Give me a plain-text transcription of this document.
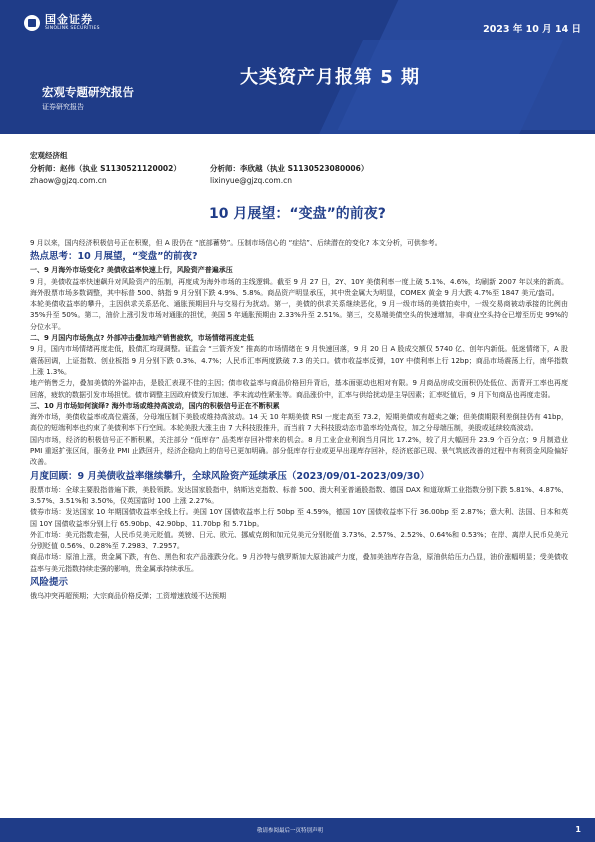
国金证券
SINOLINK SECURITIES	2023 年 10 月 14 日
大类资产月报第 5 期
宏观专题研究报告
证券研究报告
宏观经济组
分析师：赵伟（执业 S1130521120002）
zhaow@gjzq.com.cn
分析师：李欣越（执业 S1130523080006）
lixinyue@gjzq.com.cn
10 月展望：“变盘”的前夜?

9 月以来，国内经济积极信号正在积聚，但 A 股仍在 “底部蓄势”。压制市场信心的 “症结”、后续潜在的变化? 本文分析，可供参考。

热点思考：10 月展望，“变盘”的前夜?

一、9 月海外市场变化? 美债收益率快速上行，风险资产普遍承压

9 月，美债收益率快速飙升对风险资产的压制，再度成为海外市场的主线逻辑。截至 9 月 27 日，2Y、10Y 美债利率一度上破 5.1%、4.6%，均刷新 2007 年以来的新高。海外股票市场多数调整，其中标普 500、纳指 9 月分别下跌 4.9%、5.8%。商品资产明显承压，其中贵金属大为明显，COMEX 黄金 9 月大跌 4.7%至 1847 美元/盎司。

本轮美债收益率的攀升，主因供求关系恶化、通胀预期回升与交易行为扰动。第一，美债的供求关系继续恶化，9 月一级市场的美债拍卖中，一级交易商被动承接的比例由 35%升至 50%。第二，油价上涨引发市场对通胀的担忧，美国 5 年通胀预期由 2.33%升至 2.51%。第三，交易端美债空头的快速增加，非商业空头持仓已增至历史 99%的分位水平。

二、9 月国内市场焦点? 外部冲击叠加地产销售疲软，市场情绪再度走低

9 月，国内市场情绪再度走低，股债汇均现调整。证监会 “三箭齐发” 推高的市场情绪在 9 月快速回落，9 月 20 日 A 股成交额仅 5740 亿、创年内新低。低迷情绪下，A 股震荡回调，上证指数、创业板指 9 月分别下跌 0.3%、4.7%；人民币汇率两度跌破 7.3 的关口。债市收益率反弹，10Y 中债利率上行 12bp；商品市场震荡上行，南华指数上涨 1.3%。

地产销售乏力，叠加美债的外溢冲击，是股汇表现不佳的主因；债市收益率与商品价格回升背后，基本面驱动也相对有限。9 月商品房成交面积仍处低位、沥青开工率也再度回落，疲软的数据引发市场担忧。债市调整主因政府债发行加速、季末流动性紧张等。商品涨价中，汇率与供给扰动是主导因素；汇率贬值后，9 月下旬商品也再度走弱。

三、10 月市场如何演绎? 海外市场或维持高波动，国内的积极信号正在不断积累

海外市场，美债收益率或高位震荡，分母端压制下美股或维持高波动。14 天 10 年期美债 RSI 一度走高至 73.2，短期美债或有超卖之嫌；但美债期限利差倒挂仍有 41bp，高位的短端利率也约束了美债利率下行空间。本轮美股大涨主由 7 大科技股推升，而当前 7 大科技股动态市盈率均处高位，加之分母端压制，美股或延续较高波动。

国内市场，经济的积极信号正不断积累，关注部分 “低库存” 品类库存回补带来的机会。8 月工业企业利润当月同比 17.2%，较了月大幅回升 23.9 个百分点；9 月制造业 PMI 重返扩张区间，服务业 PMI 止跌回升，经济企稳向上的信号已更加明确。部分低库存行业或更早出现库存回补，经济底部已现、景气筑底改善的过程中有利资金风险偏好改善。

月度回顾：9 月美债收益率继续攀升，全球风险资产延续承压（2023/09/01-2023/09/30）

股票市场：全球主要股指普遍下跌，美股领跌。发达国家股指中，纳斯达克指数、标普 500、澳大利亚普通股指数、德国 DAX 和道琼斯工业指数分别下跌 5.81%、4.87%、3.57%、3.51%和 3.50%，仅英国富时 100 上涨 2.27%。

债券市场：发达国家 10 年期国债收益率全线上行。美国 10Y 国债收益率上行 50bp 至 4.59%，德国 10Y 国债收益率下行 36.00bp 至 2.87%；意大利、法国、日本和英国 10Y 国债收益率分别上行 65.90bp、42.90bp、11.70bp 和 5.71bp。

外汇市场：美元指数走强，人民币兑美元贬值。英镑、日元、欧元、挪威克朗和加元兑美元分别贬值 3.73%、2.57%、2.52%、0.64%和 0.53%；在岸、离岸人民币兑美元分别贬值 0.56%、0.28%至 7.2983、7.2957。

商品市场：原油上涨，贵金属下跌，有色、黑色和农产品涨跌分化。9 月沙特与俄罗斯加大原油减产力度，叠加美油库存告急，原油供给压力凸显，油价涨幅明显；受美债收益率与美元指数持续走强的影响，贵金属承持续承压。

风险提示

俄乌冲突再超预期；大宗商品价格反弹；工资增速放缓不达预期

敬请参阅最后一页特别声明	1
